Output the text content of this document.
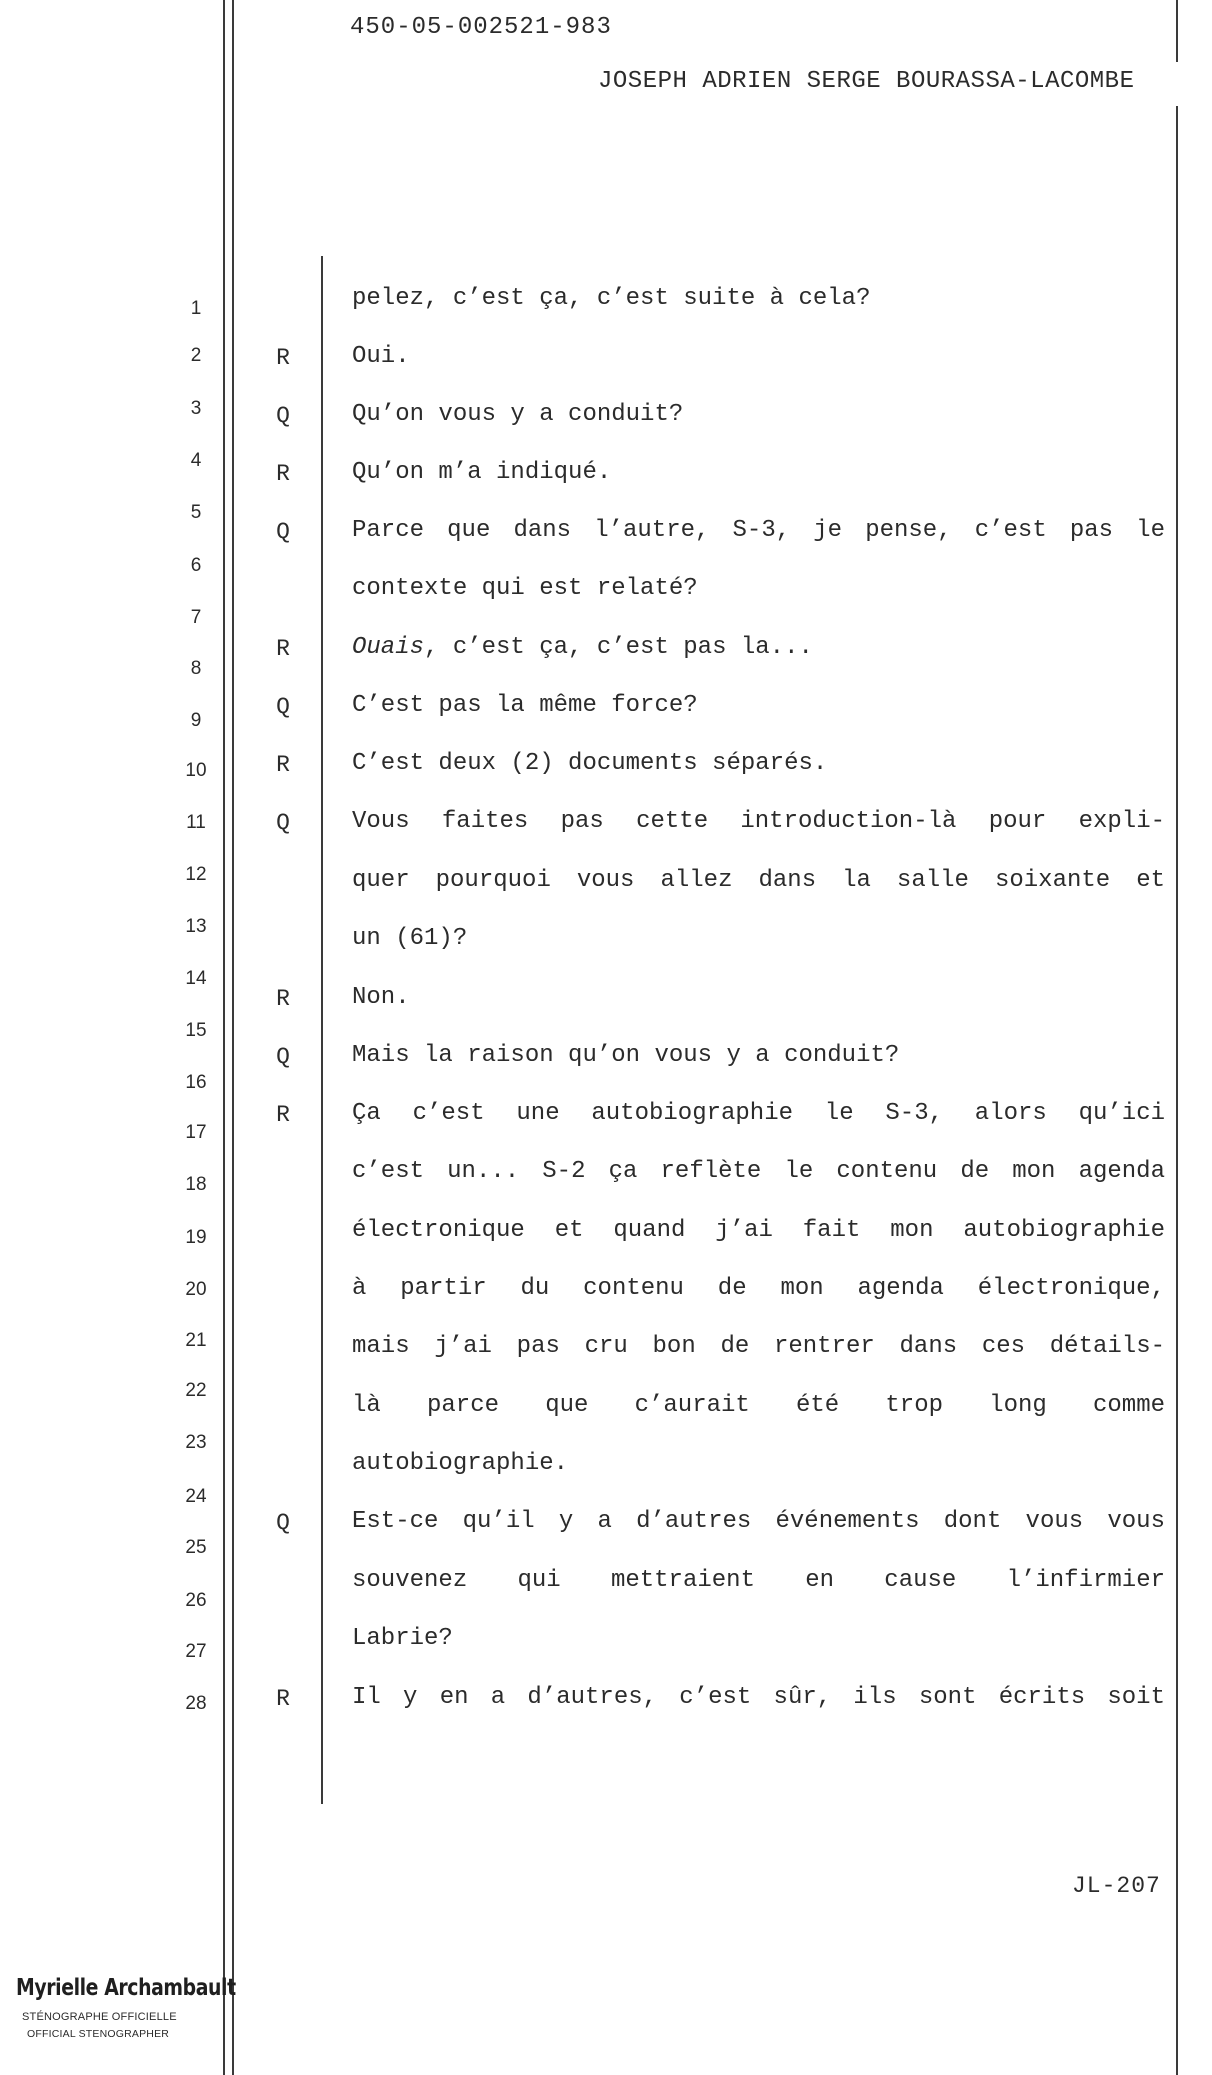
450-05-002521-983
JOSEPH ADRIEN SERGE BOURASSA-LACOMBE
1
2
3
4
5
6
7
8
9
10
11
12
13
14
15
16
17
18
19
20
21
22
23
24
25
26
27
28
R
Q
R
Q
R
Q
R
Q
R
Q
R
Q
R
pelez, c’est ça, c’est suite à cela?
Oui.
Qu’on vous y a conduit?
Qu’on m’a indiqué.
Parce que dans l’autre, S-3, je pense, c’est pas le
contexte qui est relaté?
Ouais, c’est ça, c’est pas la...
C’est pas la même force?
C’est deux (2) documents séparés.
Vous faites pas cette introduction-là pour expli-
quer pourquoi vous allez dans la salle soixante et
un (61)?
Non.
Mais la raison qu’on vous y a conduit?
Ça c’est une autobiographie le S-3, alors qu’ici
c’est un... S-2 ça reflète le contenu de mon agenda
électronique et quand j’ai fait mon autobiographie
à partir du contenu de mon agenda électronique,
mais j’ai pas cru bon de rentrer dans ces détails-
là parce que c’aurait été trop long comme
autobiographie.
Est-ce qu’il y a d’autres événements dont vous vous
souvenez qui mettraient en cause l’infirmier
Labrie?
Il y en a d’autres, c’est sûr, ils sont écrits soit
JL-207
Myrielle Archambault
STÉNOGRAPHE OFFICIELLE
OFFICIAL STENOGRAPHER
